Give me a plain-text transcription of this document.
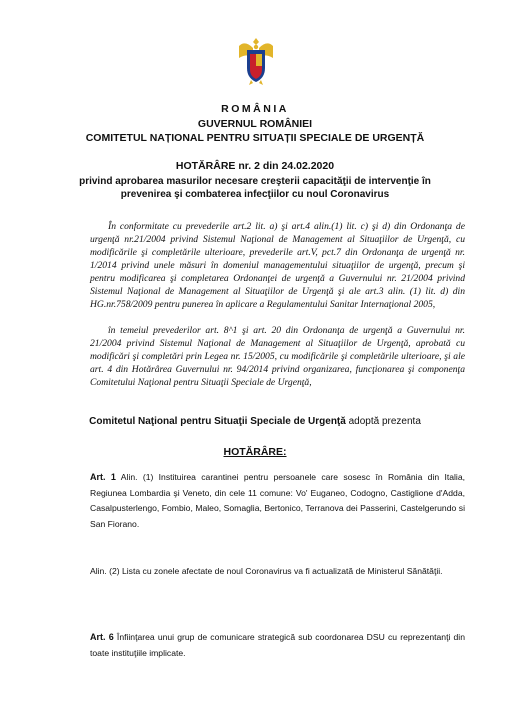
ROMÂNIA
GUVERNUL ROMÂNIEI
COMITETUL NAȚIONAL PENTRU SITUAȚII SPECIALE DE URGENȚĂ
HOTĂRÂRE nr. 2 din 24.02.2020
privind aprobarea masurilor necesare creşterii capacităţii de intervenţie în
prevenirea şi combaterea infecţiilor cu noul Coronavirus
În conformitate cu prevederile art.2 lit. a) şi art.4 alin.(1) lit. c) şi d) din Ordonanţa de urgenţă nr.21/2004 privind Sistemul Naţional de Management al Situaţiilor de Urgenţă, cu modificările şi completările ulterioare, prevederile art.V, pct.7 din Ordonanţa de urgenţă nr. 1/2014 privind unele măsuri în domeniul managementului situaţiilor de urgenţă, precum şi pentru modificarea şi completarea Ordonanţei de urgenţă a Guvernului nr. 21/2004 privind Sistemul Naţional de Management al Situaţiilor de Urgenţă şi ale art.3 alin. (1) lit. d) din HG.nr.758/2009 pentru punerea în aplicare a Regulamentului Sanitar Internaţional 2005,
în temeiul prevederilor art. 8^1 şi art. 20 din Ordonanţa de urgenţă a Guvernului nr. 21/2004 privind Sistemul Naţional de Management al Situaţiilor de Urgenţă, aprobată cu modificări şi completări prin Legea nr. 15/2005, cu modificările şi completările ulterioare, şi ale art. 4 din Hotărârea Guvernului nr. 94/2014 privind organizarea, funcţionarea şi componenţa Comitetului Naţional pentru Situaţii Speciale de Urgenţă,
Comitetul Naţional pentru Situaţii Speciale de Urgenţă adoptă prezenta
HOTĂRÂRE:
Art. 1 Alin. (1) Instituirea carantinei pentru persoanele care sosesc în România din Italia, Regiunea Lombardia şi Veneto, din cele 11 comune: Vo' Euganeo, Codogno, Castiglione d'Adda, Casalpusterlengo, Fombio, Maleo, Somaglia, Bertonico, Terranova dei Passerini, Castelgerundo si San Fiorano.
Alin. (2) Lista cu zonele afectate de noul Coronavirus va fi actualizată de Ministerul Sănătăţii.
Art. 6 Înfiinţarea unui grup de comunicare strategică sub coordonarea DSU cu reprezentanţi din toate instituţiile implicate.
